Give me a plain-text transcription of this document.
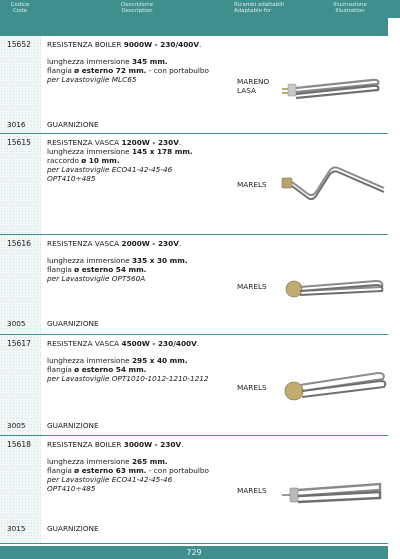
Codice
Code
Descrizione
Description
Ricambi adattabili
Adaptable for
Illustrazione
Illustration
15652 RESISTENZA BOILER 9000W - 230/400V.
lunghezza immersione 345 mm.
flangia ø esterno 72 mm. - con portabulbo
per Lavastoviglie MLC65	MARENO
LASA
3016	GUARNIZIONE
15615 RESISTENZA VASCA 1200W - 230V.
lunghezza immersione 145 x 178 mm.
raccordo ø 10 mm.
per Lavastoviglie ECO41-42-45-46
OPT410÷485
MARELS
15616 RESISTENZA VASCA 2000W - 230V.
lunghezza immersione 335 x 30 mm.
flangia ø esterno 54 mm.
per Lavastoviglie OPT560A
MARELS
3005	GUARNIZIONE
15617 RESISTENZA VASCA 4500W - 230/400V.
lunghezza immersione 295 x 40 mm.
flangia ø esterno 54 mm.
per Lavastoviglie OPT1010-1012-1210-1212
MARELS
3005	GUARNIZIONE
15618 RESISTENZA BOILER 3000W - 230V.
lunghezza immersione 265 mm.
flangia ø esterno 63 mm. - con portabulbo
per Lavastoviglie ECO41-42-45-46
OPT410÷485	MARELS
3015	GUARNIZIONE
729
